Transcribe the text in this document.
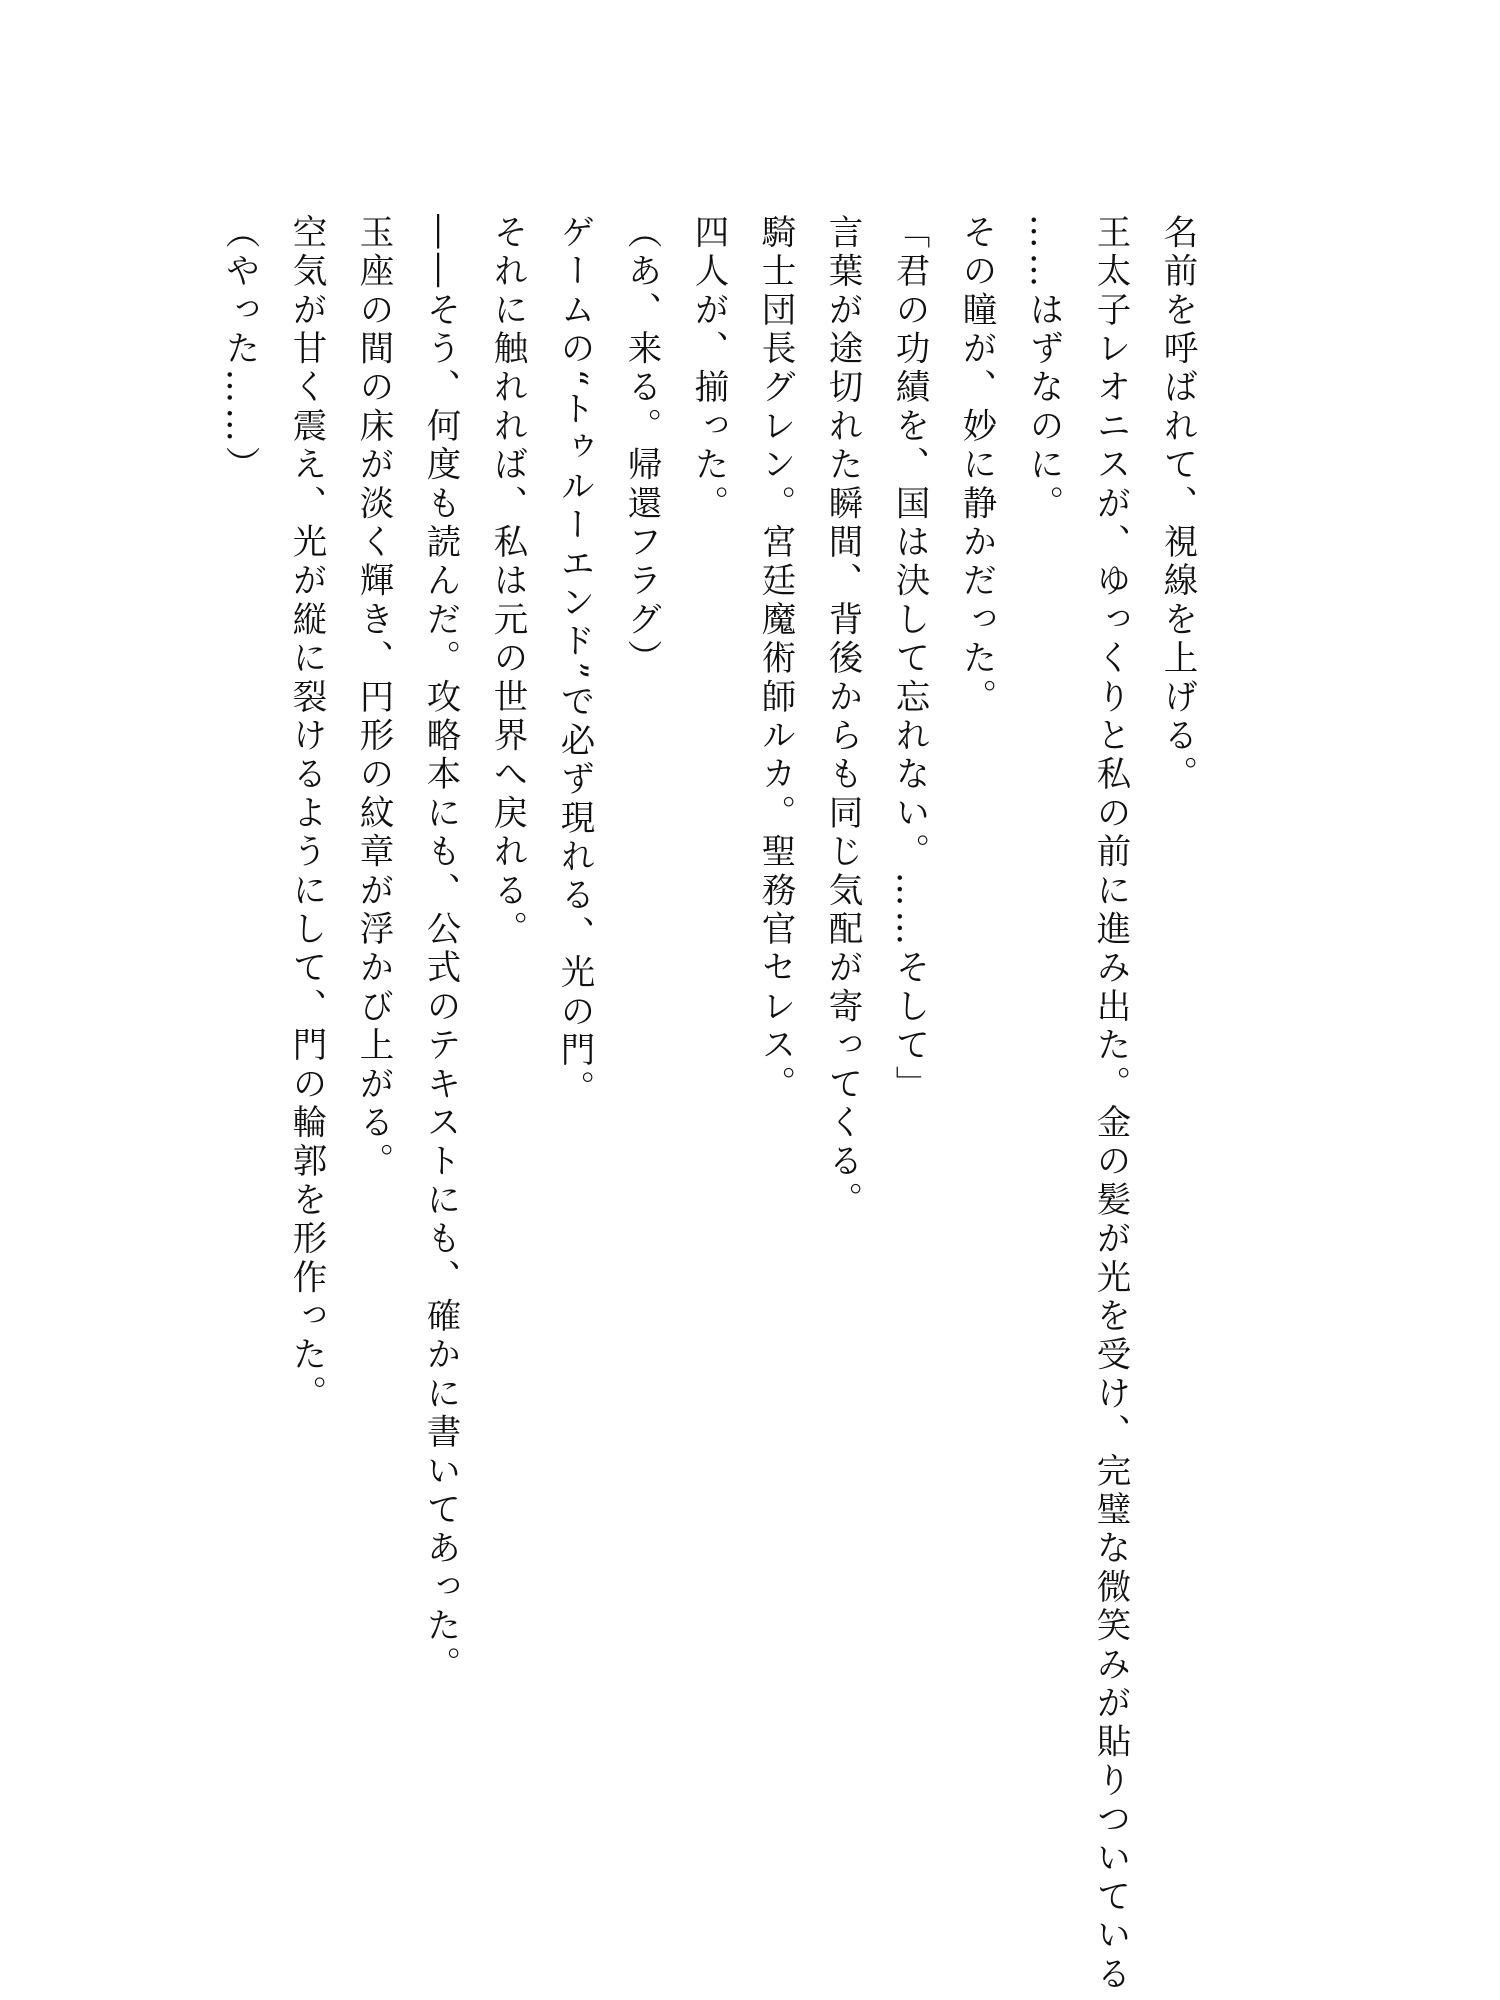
名前を呼ばれて、視線を上げる。

王太子レオニスが、ゆっくりと私の前に進み出た。金の髪が光を受け、完璧な微笑みが貼りついている

……はずなのに。

その瞳が、妙に静かだった。

「君の功績を、国は決して忘れない。……そして」

言葉が途切れた瞬間、背後からも同じ気配が寄ってくる。

騎士団長グレン。宮廷魔術師ルカ。聖務官セレス。

四人が、揃った。

（あ、来る。帰還フラグ）

ゲームの“トゥルーエンド”で必ず現れる、光の門。

それに触れれば、私は元の世界へ戻れる。

――そう、何度も読んだ。攻略本にも、公式のテキストにも、確かに書いてあった。

玉座の間の床が淡く輝き、円形の紋章が浮かび上がる。

空気が甘く震え、光が縦に裂けるようにして、門の輪郭を形作った。

（やった……）
